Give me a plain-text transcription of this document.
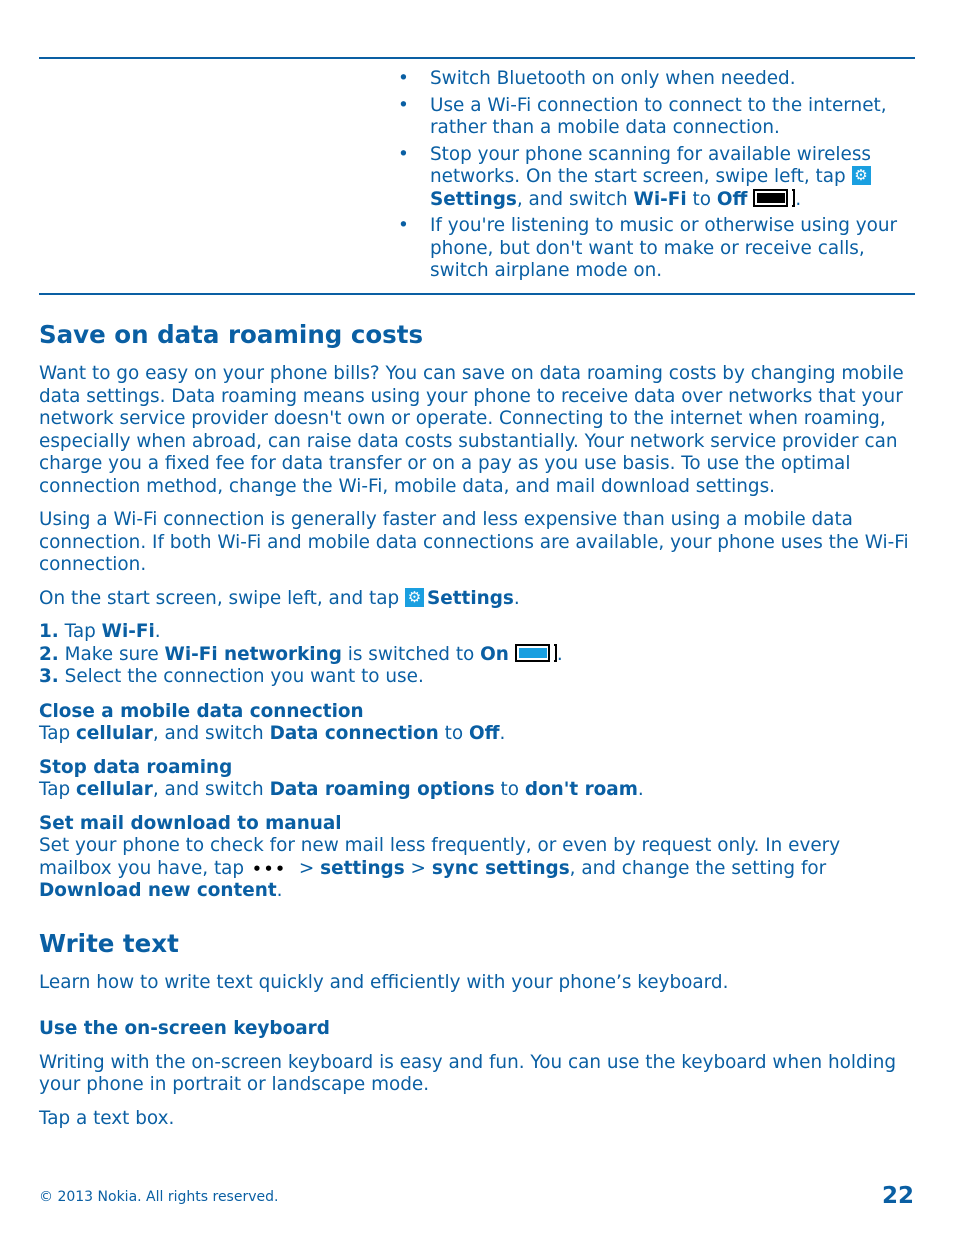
• Switch Bluetooth on only when needed.
• Use a Wi-Fi connection to connect to the internet, rather than a mobile data connection.
• Stop your phone scanning for available wireless networks. On the start screen, swipe left, tap ⚙
Settings, and switch Wi-Fi to Off	.
• If you're listening to music or otherwise using your phone, but don't want to make or receive calls, switch airplane mode on.
Save on data roaming costs

Want to go easy on your phone bills? You can save on data roaming costs by changing mobile data settings. Data roaming means using your phone to receive data over networks that your network service provider doesn't own or operate. Connecting to the internet when roaming, especially when abroad, can raise data costs substantially. Your network service provider can charge you a fixed fee for data transfer or on a pay as you use basis. To use the optimal connection method, change the Wi-Fi, mobile data, and mail download settings.

Using a Wi-Fi connection is generally faster and less expensive than using a mobile data connection. If both Wi-Fi and mobile data connections are available, your phone uses the Wi-Fi connection.

On the start screen, swipe left, and tap ⚙ Settings.

1. Tap Wi-Fi.

2. Make sure Wi-Fi networking is switched to On	.

3. Select the connection you want to use.

Close a mobile data connection

Tap cellular, and switch Data connection to Off.

Stop data roaming

Tap cellular, and switch Data roaming options to don't roam.

Set mail download to manual

Set your phone to check for new mail less frequently, or even by request only. In every mailbox you have, tap ••• > settings > sync settings, and change the setting for Download new content.

Write text

Learn how to write text quickly and efficiently with your phone’s keyboard.

Use the on-screen keyboard

Writing with the on-screen keyboard is easy and fun. You can use the keyboard when holding your phone in portrait or landscape mode.

Tap a text box.

© 2013 Nokia. All rights reserved.	22
